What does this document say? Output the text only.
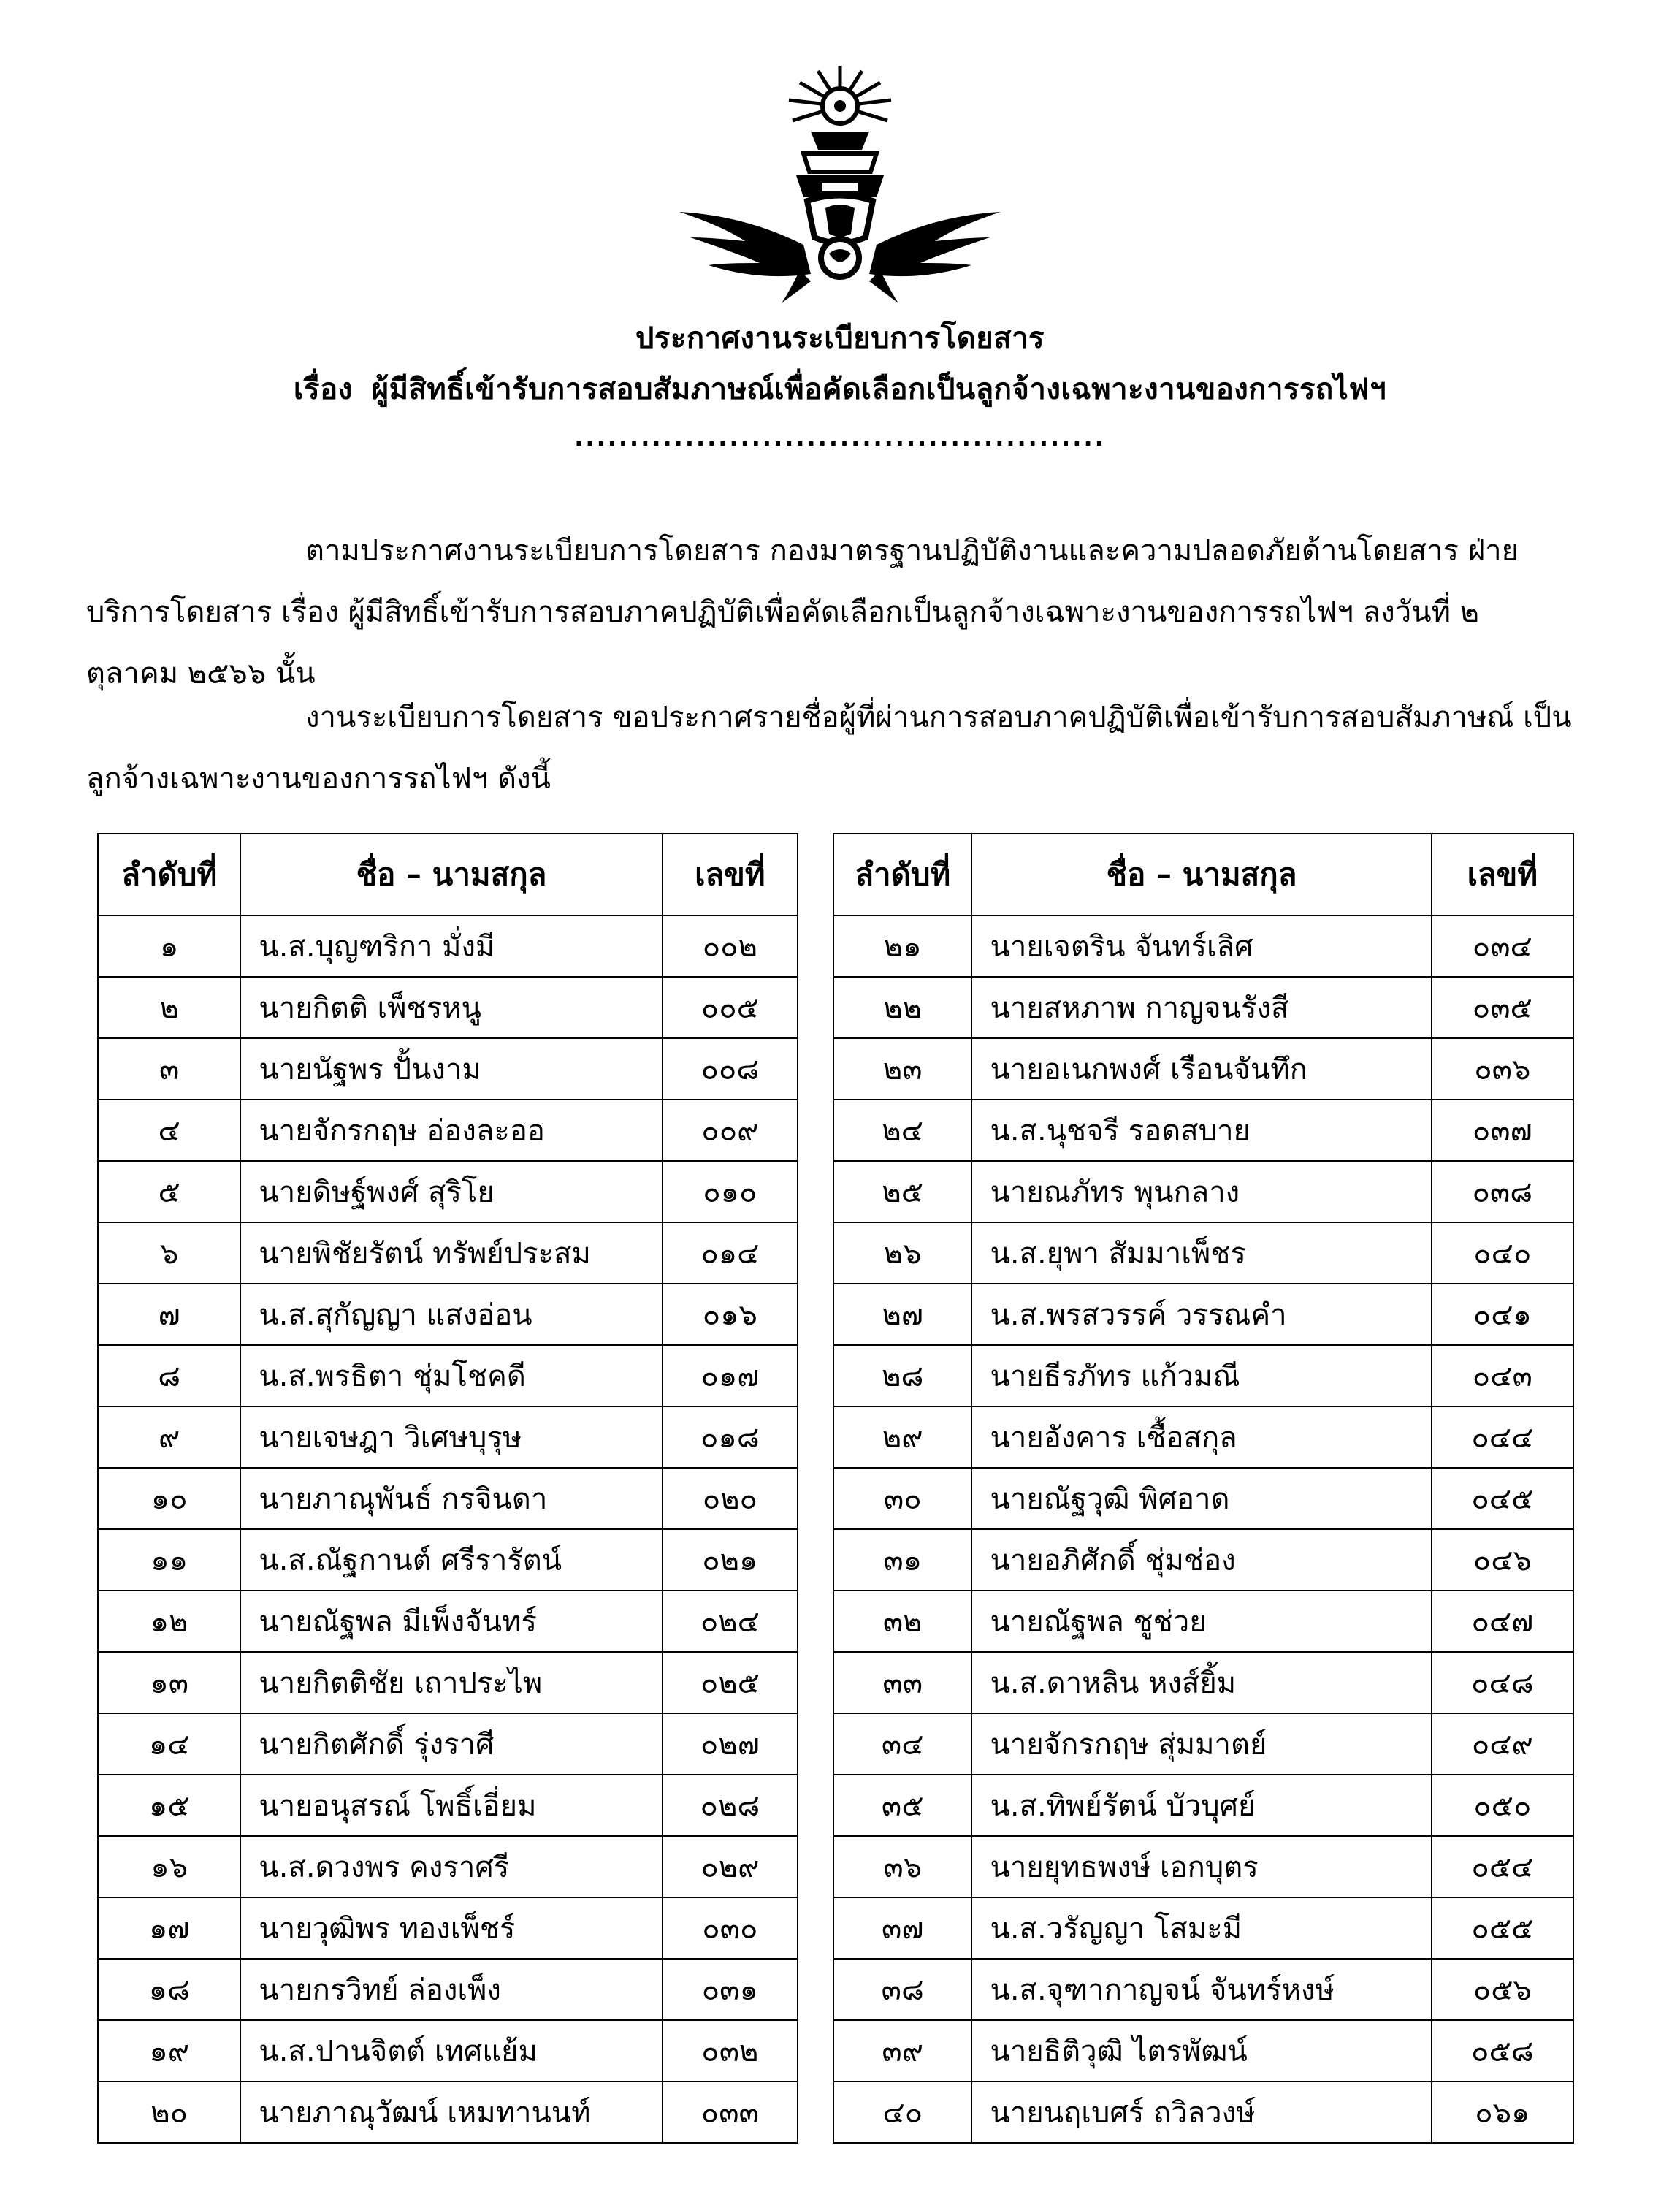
ประกาศงานระเบียบการโดยสาร
เรื่อง ผู้มีสิทธิ์เข้ารับการสอบสัมภาษณ์เพื่อคัดเลือกเป็นลูกจ้างเฉพาะงานของการรถไฟฯ
................................................
ตามประกาศงานระเบียบการโดยสาร กองมาตรฐานปฏิบัติงานและความปลอดภัยด้านโดยสาร ฝ่ายบริการโดยสาร เรื่อง ผู้มีสิทธิ์เข้ารับการสอบภาคปฏิบัติเพื่อคัดเลือกเป็นลูกจ้างเฉพาะงานของการรถไฟฯ ลงวันที่ ๒ ตุลาคม ๒๕๖๖ นั้น
งานระเบียบการโดยสาร ขอประกาศรายชื่อผู้ที่ผ่านการสอบภาคปฏิบัติเพื่อเข้ารับการสอบสัมภาษณ์ เป็นลูกจ้างเฉพาะงานของการรถไฟฯ ดังนี้
ลำดับที่	ชื่อ – นามสกุล	เลขที่
๑	น.ส.บุญฑริกา มั่งมี	๐๐๒
๒	นายกิตติ เพ็ชรหนู	๐๐๕
๓	นายนัฐพร ปั้นงาม	๐๐๘
๔	นายจักรกฤษ อ่องละออ	๐๐๙
๕	นายดิษฐ์พงศ์ สุริโย	๐๑๐
๖	นายพิชัยรัตน์ ทรัพย์ประสม	๐๑๔
๗	น.ส.สุกัญญา แสงอ่อน	๐๑๖
๘	น.ส.พรธิตา ชุ่มโชคดี	๐๑๗
๙	นายเจษฎา วิเศษบุรุษ	๐๑๘
๑๐	นายภาณุพันธ์ กรจินดา	๐๒๐
๑๑	น.ส.ณัฐกานต์ ศรีรารัตน์	๐๒๑
๑๒	นายณัฐพล มีเพ็งจันทร์	๐๒๔
๑๓	นายกิตติชัย เถาประไพ	๐๒๕
๑๔	นายกิตศักดิ์ รุ่งราศี	๐๒๗
๑๕	นายอนุสรณ์ โพธิ์เอี่ยม	๐๒๘
๑๖	น.ส.ดวงพร คงราศรี	๐๒๙
๑๗	นายวุฒิพร ทองเพ็ชร์	๐๓๐
๑๘	นายกรวิทย์ ล่องเพ็ง	๐๓๑
๑๙	น.ส.ปานจิตต์ เทศแย้ม	๐๓๒
๒๐	นายภาณุวัฒน์ เหมทานนท์	๐๓๓
ลำดับที่	ชื่อ – นามสกุล	เลขที่
๒๑	นายเจตริน จันทร์เลิศ	๐๓๔
๒๒	นายสหภาพ กาญจนรังสี	๐๓๕
๒๓	นายอเนกพงศ์ เรือนจันทึก	๐๓๖
๒๔	น.ส.นุชจรี รอดสบาย	๐๓๗
๒๕	นายณภัทร พุนกลาง	๐๓๘
๒๖	น.ส.ยุพา สัมมาเพ็ชร	๐๔๐
๒๗	น.ส.พรสวรรค์ วรรณคำ	๐๔๑
๒๘	นายธีรภัทร แก้วมณี	๐๔๓
๒๙	นายอังคาร เชื้อสกุล	๐๔๔
๓๐	นายณัฐวุฒิ พิศอาด	๐๔๕
๓๑	นายอภิศักดิ์ ชุ่มช่อง	๐๔๖
๓๒	นายณัฐพล ชูช่วย	๐๔๗
๓๓	น.ส.ดาหลิน หงส์ยิ้ม	๐๔๘
๓๔	นายจักรกฤษ สุ่มมาตย์	๐๔๙
๓๕	น.ส.ทิพย์รัตน์ บัวบุศย์	๐๕๐
๓๖	นายยุทธพงษ์ เอกบุตร	๐๕๔
๓๗	น.ส.วรัญญา โสมะมี	๐๕๕
๓๘	น.ส.จุฑากาญจน์ จันทร์หงษ์	๐๕๖
๓๙	นายธิติวุฒิ ไตรพัฒน์	๐๕๘
๔๐	นายนฤเบศร์ ถวิลวงษ์	๐๖๑
